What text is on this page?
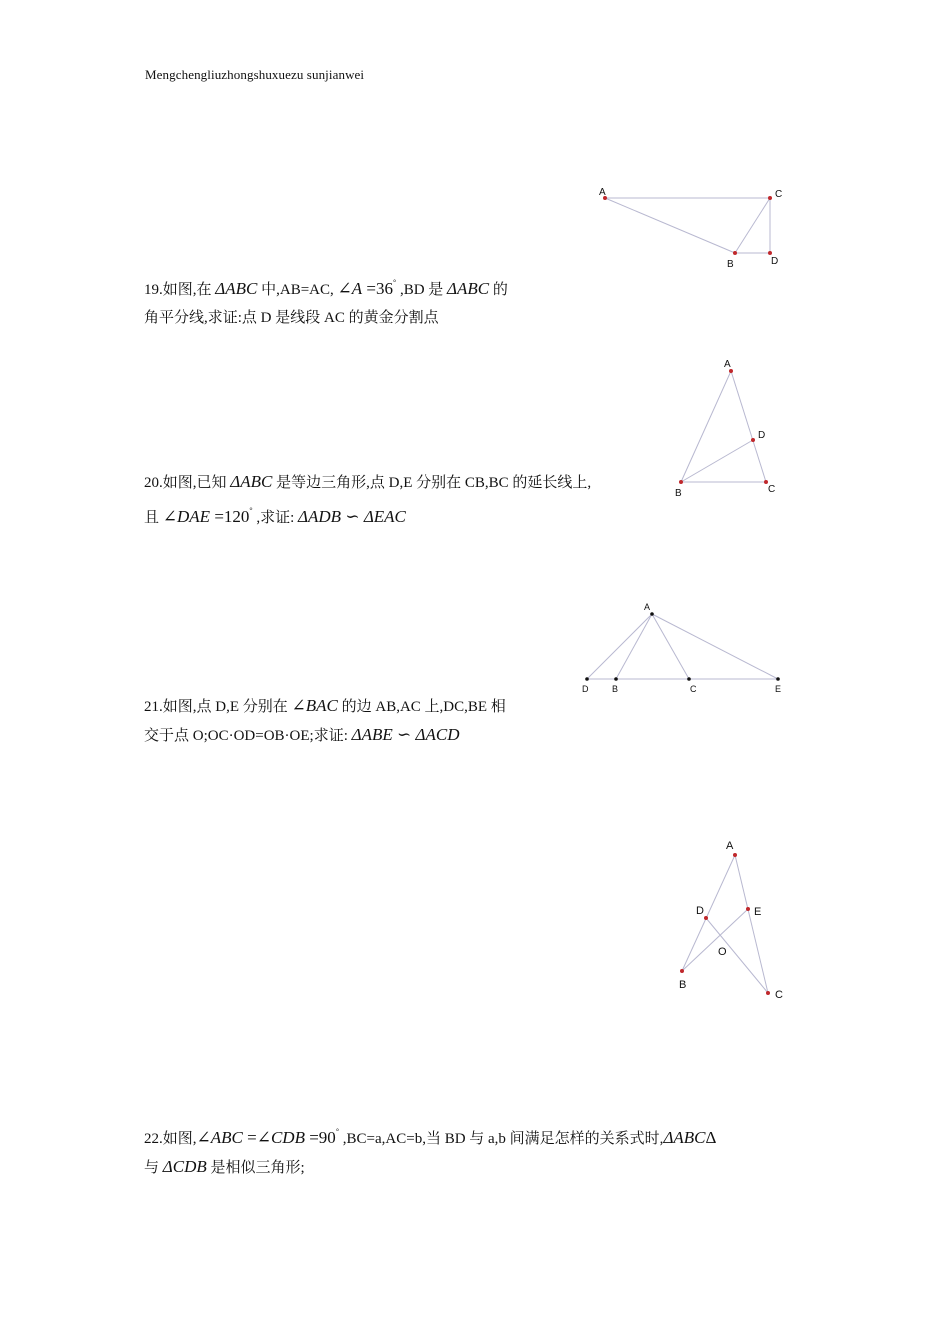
Mengchengliuzhongshuxuezu sunjianwei
A	C
B	D
19.如图,在 ΔABC 中,AB=AC, ∠A =36° ,BD 是 ΔABC 的
角平分线,求证:点 D 是线段 AC 的黄金分割点
A
D
B	C
20.如图,已知 ΔABC 是等边三角形,点 D,E 分别在 CB,BC 的延长线上,
且 ∠DAE =120° ,求证: ΔADB ∽ ΔEAC
A
D	B	C	E
21.如图,点 D,E 分别在 ∠BAC 的边 AB,AC 上,DC,BE 相
交于点 O;OC·OD=OB·OE;求证: ΔABE ∽ ΔACD
A
D	E
O
B
C
22.如图,∠ABC =∠CDB =90° ,BC=a,AC=b,当 BD 与 a,b 间满足怎样的关系式时,ΔABCΔ
与 ΔCDB 是相似三角形;
